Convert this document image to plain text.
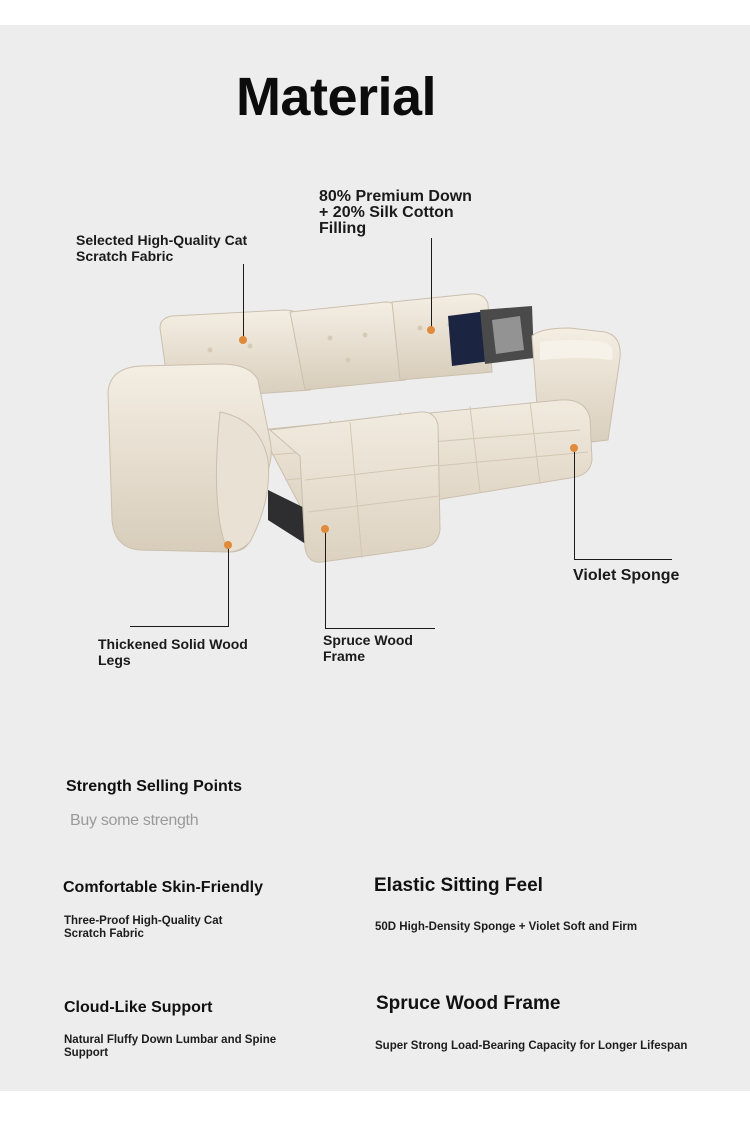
Material
Selected High-Quality Cat Scratch Fabric
80% Premium Down + 20% Silk Cotton Filling
Violet Sponge
Thickened Solid Wood Legs
Spruce Wood Frame
Strength Selling Points
Buy some strength
Comfortable Skin-Friendly
Three-Proof High-Quality Cat Scratch Fabric
Elastic Sitting Feel
50D High-Density Sponge + Violet Soft and Firm
Cloud-Like Support
Natural Fluffy Down Lumbar and Spine Support
Spruce Wood Frame
Super Strong Load-Bearing Capacity for Longer Lifespan
